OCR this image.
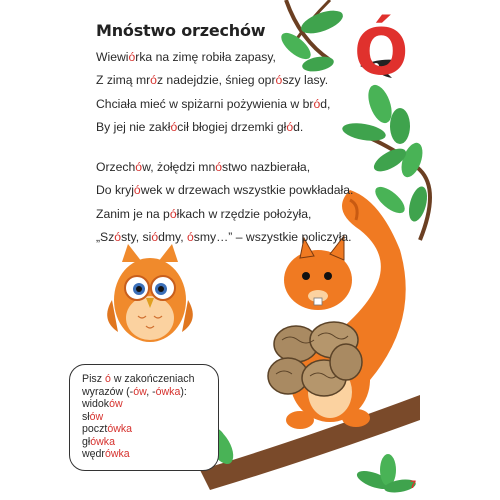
Mnóstwo orzechów Ó
Wiewiórka na zimę robiła zapasy,
Z zimą mróz nadejdzie, śnieg oprószy lasy.
Chciała mieć w spiżarni pożywienia w bród,
By jej nie zakłócił błogiej drzemki głód.
Orzechów, żołędzi mnóstwo nazbierała,
Do kryjówek w drzewach wszystkie powkładała.
Zanim je na półkach w rzędzie położyła,
„Szósty, siódmy, ósmy…” – wszystkie policzyła.
Pisz ó w zakończeniach
wyrazów (-ów, -ówka):
widoków
słów
pocztówka
główka
wędrówka
7
